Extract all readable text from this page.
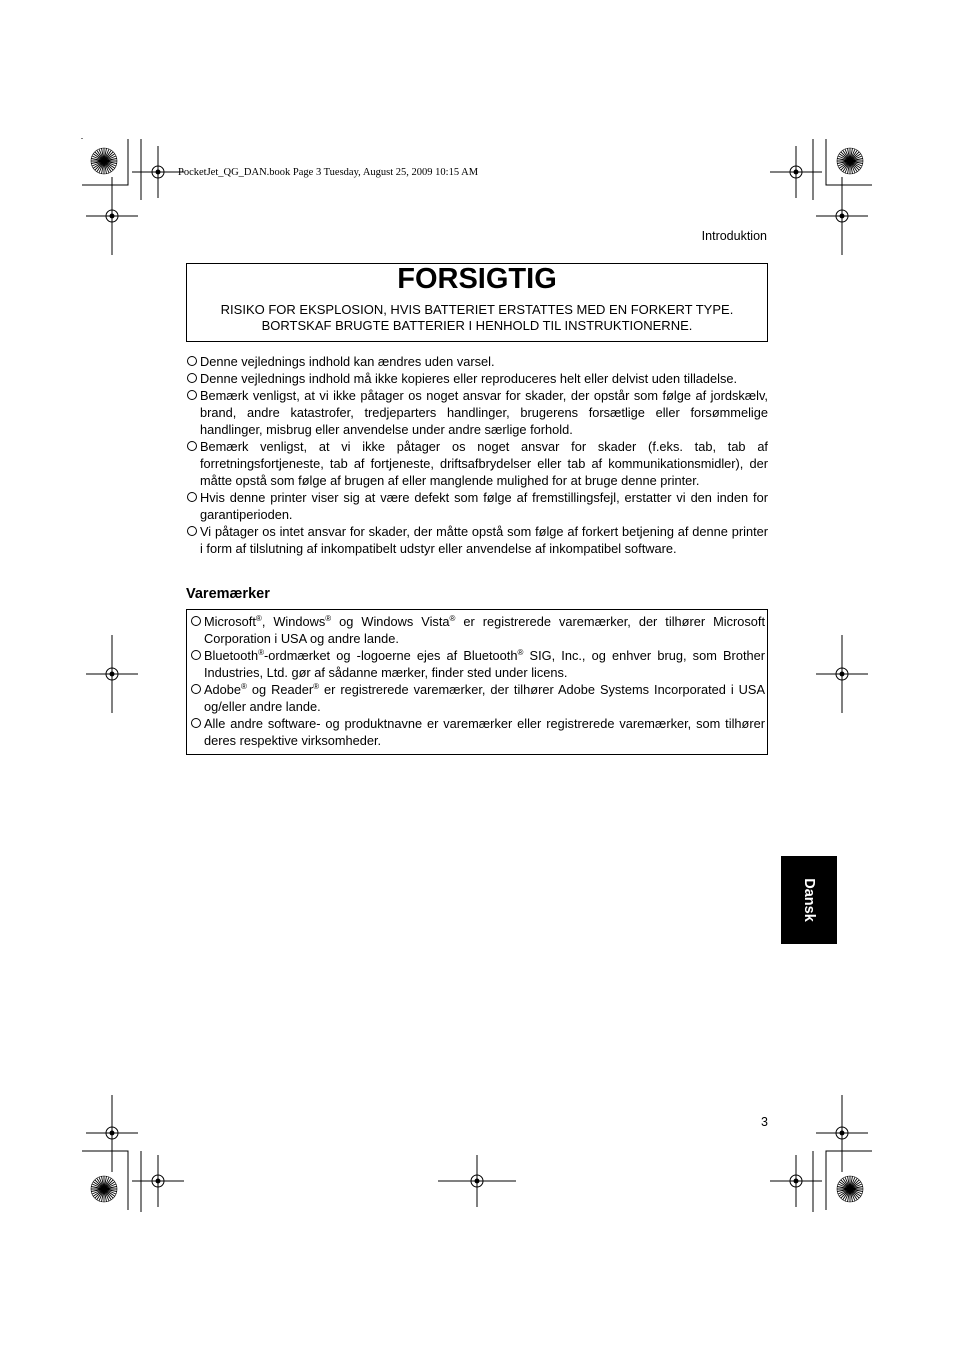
PocketJet_QG_DAN.book Page 3 Tuesday, August 25, 2009 10:15 AM
Introduktion
FORSIGTIG
RISIKO FOR EKSPLOSION, HVIS BATTERIET ERSTATTES MED EN FORKERT TYPE.
BORTSKAF BRUGTE BATTERIER I HENHOLD TIL INSTRUKTIONERNE.
Denne vejlednings indhold kan ændres uden varsel.
Denne vejlednings indhold må ikke kopieres eller reproduceres helt eller delvist uden tilladelse.
Bemærk venligst, at vi ikke påtager os noget ansvar for skader, der opstår som følge af jordskælv, brand, andre katastrofer, tredjeparters handlinger, brugerens forsætlige eller forsømmelige handlinger, misbrug eller anvendelse under andre særlige forhold.
Bemærk venligst, at vi ikke påtager os noget ansvar for skader (f.eks. tab, tab af forretningsfortjeneste, tab af fortjeneste, driftsafbrydelser eller tab af kommunikationsmidler), der måtte opstå som følge af brugen af eller manglende mulighed for at bruge denne printer.
Hvis denne printer viser sig at være defekt som følge af fremstillingsfejl, erstatter vi den inden for garantiperioden.
Vi påtager os intet ansvar for skader, der måtte opstå som følge af forkert betjening af denne printer i form af tilslutning af inkompatibelt udstyr eller anvendelse af inkompatibel software.
Varemærker
Microsoft®, Windows® og Windows Vista® er registrerede varemærker, der tilhører Microsoft Corporation i USA og andre lande.
Bluetooth®-ordmærket og -logoerne ejes af Bluetooth® SIG, Inc., og enhver brug, som Brother Industries, Ltd. gør af sådanne mærker, finder sted under licens.
Adobe® og Reader® er registrerede varemærker, der tilhører Adobe Systems Incorporated i USA og/eller andre lande.
Alle andre software- og produktnavne er varemærker eller registrerede varemærker, som tilhører deres respektive virksomheder.
Dansk
3
